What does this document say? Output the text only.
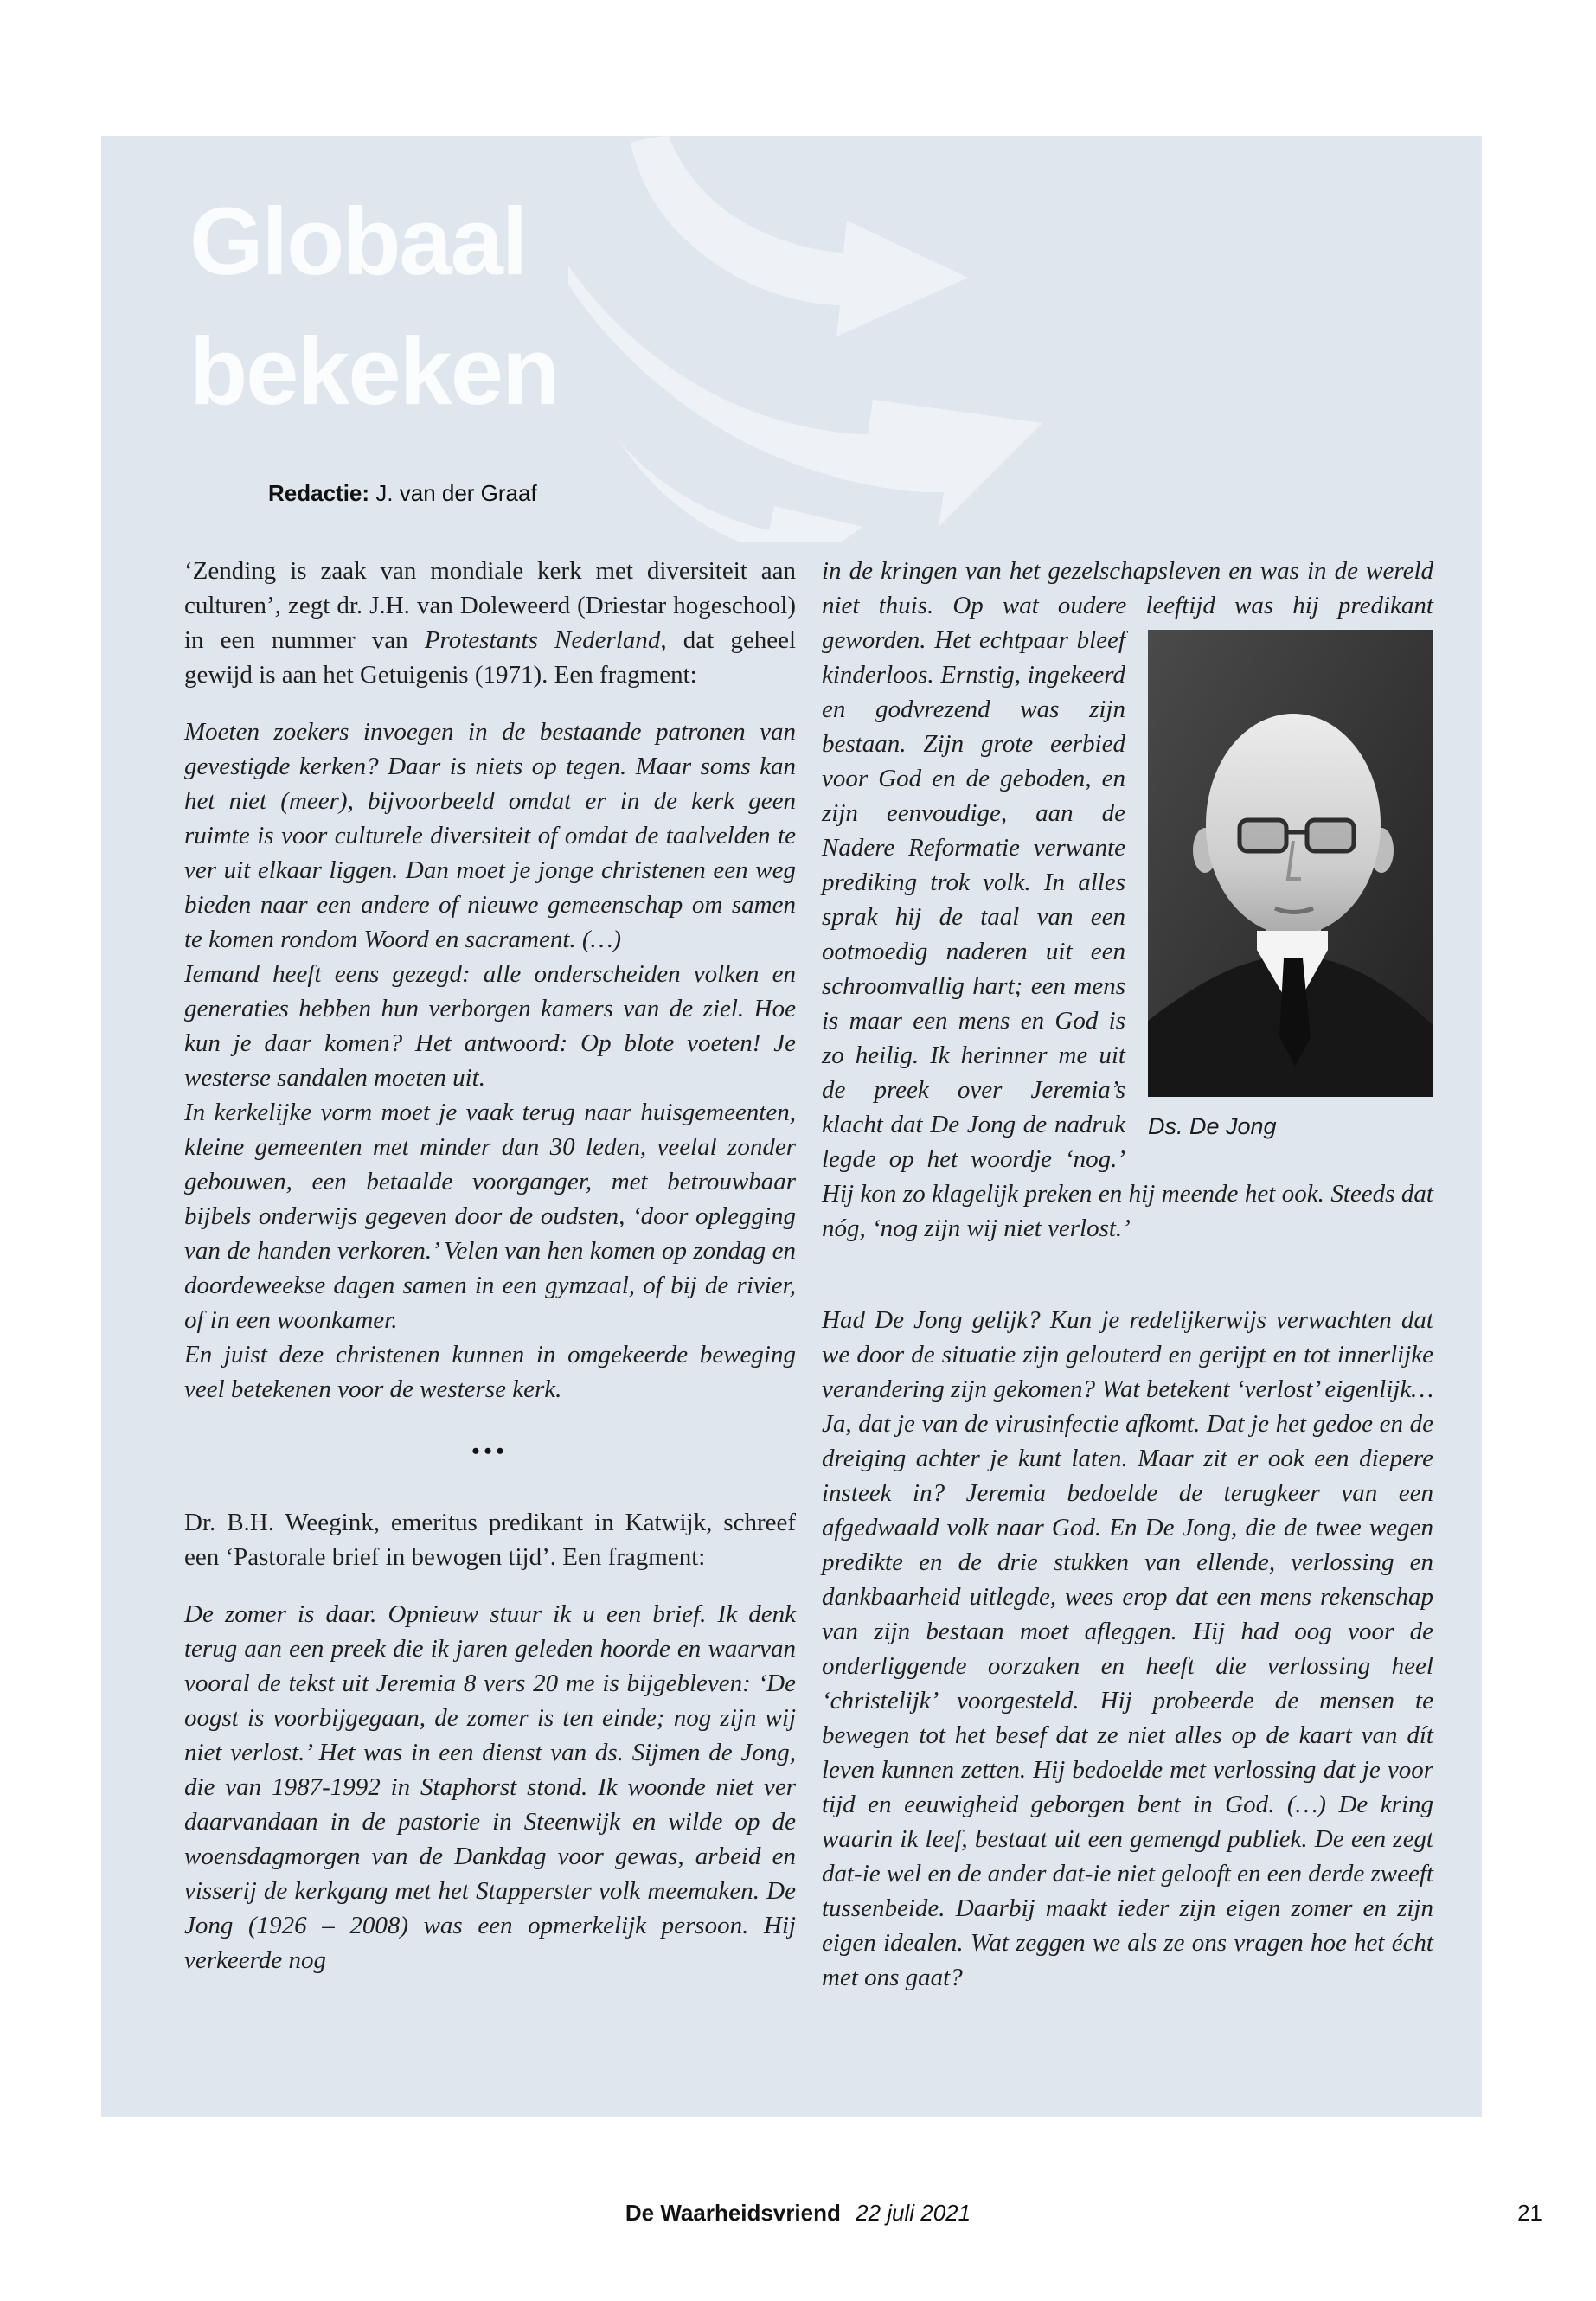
Globaal
bekeken
Redactie: J. van der Graaf

‘Zending is zaak van mondiale kerk met diversiteit aan culturen’, zegt dr. J.H. van Doleweerd (Driestar hogeschool) in een nummer van Protestants Nederland, dat geheel gewijd is aan het Getuigenis (1971). Een fragment:

Moeten zoekers invoegen in de bestaande patronen van gevestigde kerken? Daar is niets op tegen. Maar soms kan het niet (meer), bijvoorbeeld omdat er in de kerk geen ruimte is voor culturele diversiteit of omdat de taalvelden te ver uit elkaar liggen. Dan moet je jonge christenen een weg bieden naar een andere of nieuwe gemeenschap om samen te komen rondom Woord en sacrament. (…)

Iemand heeft eens gezegd: alle onderscheiden volken en generaties hebben hun verborgen kamers van de ziel. Hoe kun je daar komen? Het antwoord: Op blote voeten! Je westerse sandalen moeten uit.

In kerkelijke vorm moet je vaak terug naar huisgemeenten, kleine gemeenten met minder dan 30 leden, veelal zonder gebouwen, een betaalde voorganger, met betrouwbaar bijbels onderwijs gegeven door de oudsten, ‘door oplegging van de handen verkoren.’ Velen van hen komen op zondag en doordeweekse dagen samen in een gymzaal, of bij de rivier, of in een woonkamer.

En juist deze christenen kunnen in omgekeerde beweging veel betekenen voor de westerse kerk.

•••

Dr. B.H. Weegink, emeritus predikant in Katwijk, schreef een ‘Pastorale brief in bewogen tijd’. Een fragment:

De zomer is daar. Opnieuw stuur ik u een brief. Ik denk terug aan een preek die ik jaren geleden hoorde en waarvan vooral de tekst uit Jeremia 8 vers 20 me is bijgebleven: ‘De oogst is voorbijgegaan, de zomer is ten einde; nog zijn wij niet verlost.’ Het was in een dienst van ds. Sijmen de Jong, die van 1987-1992 in Staphorst stond. Ik woonde niet ver daarvandaan in de pastorie in Steenwijk en wilde op de woensdagmorgen van de Dankdag voor gewas, arbeid en visserij de kerkgang met het Stapperster volk meemaken. De Jong (1926 – 2008) was een opmerkelijk persoon. Hij verkeerde nog

in de kringen van het gezelschapsleven en was in de wereld niet thuis. Op wat oudere leeftijd was hij
Ds. De Jong
predikant geworden. Het echtpaar bleef kinderloos. Ernstig, ingekeerd en godvrezend was zijn bestaan. Zijn grote eerbied voor God en de geboden, en zijn eenvoudige, aan de Nadere Reformatie verwante prediking trok volk. In alles sprak hij de taal van een ootmoedig naderen uit een schroomvallig hart; een mens is maar een mens en God is zo heilig. Ik herinner me uit de preek over Jeremia’s klacht dat De Jong de nadruk legde op het woordje ‘nog.’ Hij kon zo klagelijk preken en hij meende het ook. Steeds dat nóg, ‘nog zijn wij niet verlost.’

Had De Jong gelijk? Kun je redelijkerwijs verwachten dat we door de situatie zijn gelouterd en gerijpt en tot innerlijke verandering zijn gekomen? Wat betekent ‘verlost’ eigenlijk… Ja, dat je van de virusinfectie afkomt. Dat je het gedoe en de dreiging achter je kunt laten. Maar zit er ook een diepere insteek in? Jeremia bedoelde de terugkeer van een afgedwaald volk naar God. En De Jong, die de twee wegen predikte en de drie stukken van ellende, verlossing en dankbaarheid uitlegde, wees erop dat een mens rekenschap van zijn bestaan moet afleggen. Hij had oog voor de onderliggende oorzaken en heeft die verlossing heel ‘christelijk’ voorgesteld. Hij probeerde de mensen te bewegen tot het besef dat ze niet alles op de kaart van dít leven kunnen zetten. Hij bedoelde met verlossing dat je voor tijd en eeuwigheid geborgen bent in God. (…) De kring waarin ik leef, bestaat uit een gemengd publiek. De een zegt dat-ie wel en de ander dat-ie niet gelooft en een derde zweeft tussenbeide. Daarbij maakt ieder zijn eigen zomer en zijn eigen idealen. Wat zeggen we als ze ons vragen hoe het écht met ons gaat?

De Waarheidsvriend 22 juli 2021	21
